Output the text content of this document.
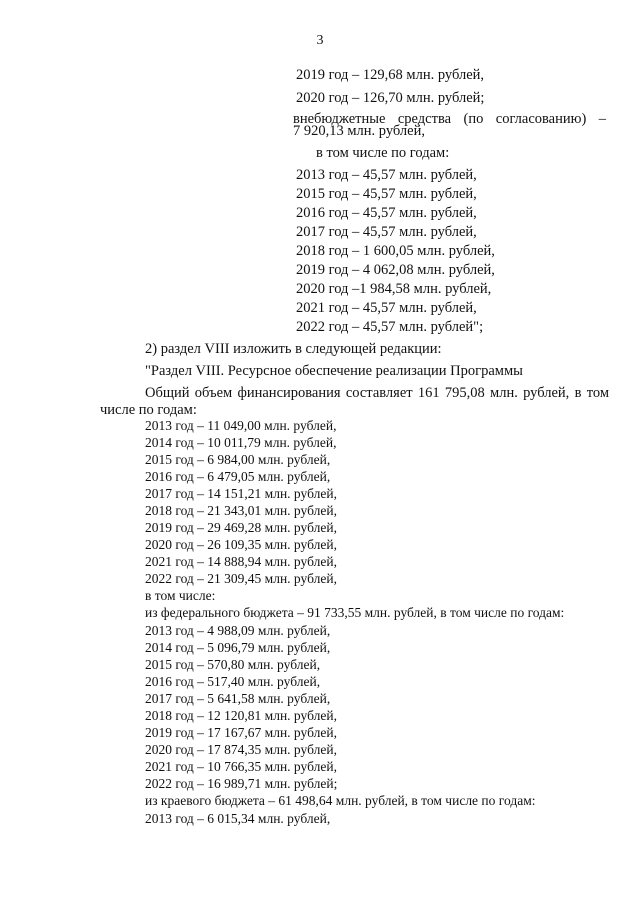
3
2019 год – 129,68 млн. рублей,
2020 год – 126,70 млн. рублей;
внебюджетные средства (по согласованию) –
7 920,13 млн. рублей,
в том числе по годам:
2013 год – 45,57 млн. рублей,
2015 год – 45,57 млн. рублей,
2016 год – 45,57 млн. рублей,
2017 год – 45,57 млн. рублей,
2018 год – 1 600,05 млн. рублей,
2019 год – 4 062,08 млн. рублей,
2020 год –1 984,58 млн. рублей,
2021 год – 45,57 млн. рублей,
2022 год – 45,57 млн. рублей";
2) раздел VIII изложить в следующей редакции:
"Раздел VIII. Ресурсное обеспечение реализации Программы
Общий объем финансирования составляет 161 795,08 млн. рублей, в том
числе по годам:
2013 год – 11 049,00 млн. рублей,
2014 год – 10 011,79 млн. рублей,
2015 год – 6 984,00 млн. рублей,
2016 год – 6 479,05 млн. рублей,
2017 год – 14 151,21 млн. рублей,
2018 год – 21 343,01 млн. рублей,
2019 год – 29 469,28 млн. рублей,
2020 год – 26 109,35 млн. рублей,
2021 год – 14 888,94 млн. рублей,
2022 год – 21 309,45 млн. рублей,
в том числе:
из федерального бюджета – 91 733,55 млн. рублей, в том числе по годам:
2013 год – 4 988,09 млн. рублей,
2014 год – 5 096,79 млн. рублей,
2015 год – 570,80 млн. рублей,
2016 год – 517,40 млн. рублей,
2017 год – 5 641,58 млн. рублей,
2018 год – 12 120,81 млн. рублей,
2019 год – 17 167,67 млн. рублей,
2020 год – 17 874,35 млн. рублей,
2021 год – 10 766,35 млн. рублей,
2022 год – 16 989,71 млн. рублей;
из краевого бюджета – 61 498,64 млн. рублей, в том числе по годам:
2013 год – 6 015,34 млн. рублей,
